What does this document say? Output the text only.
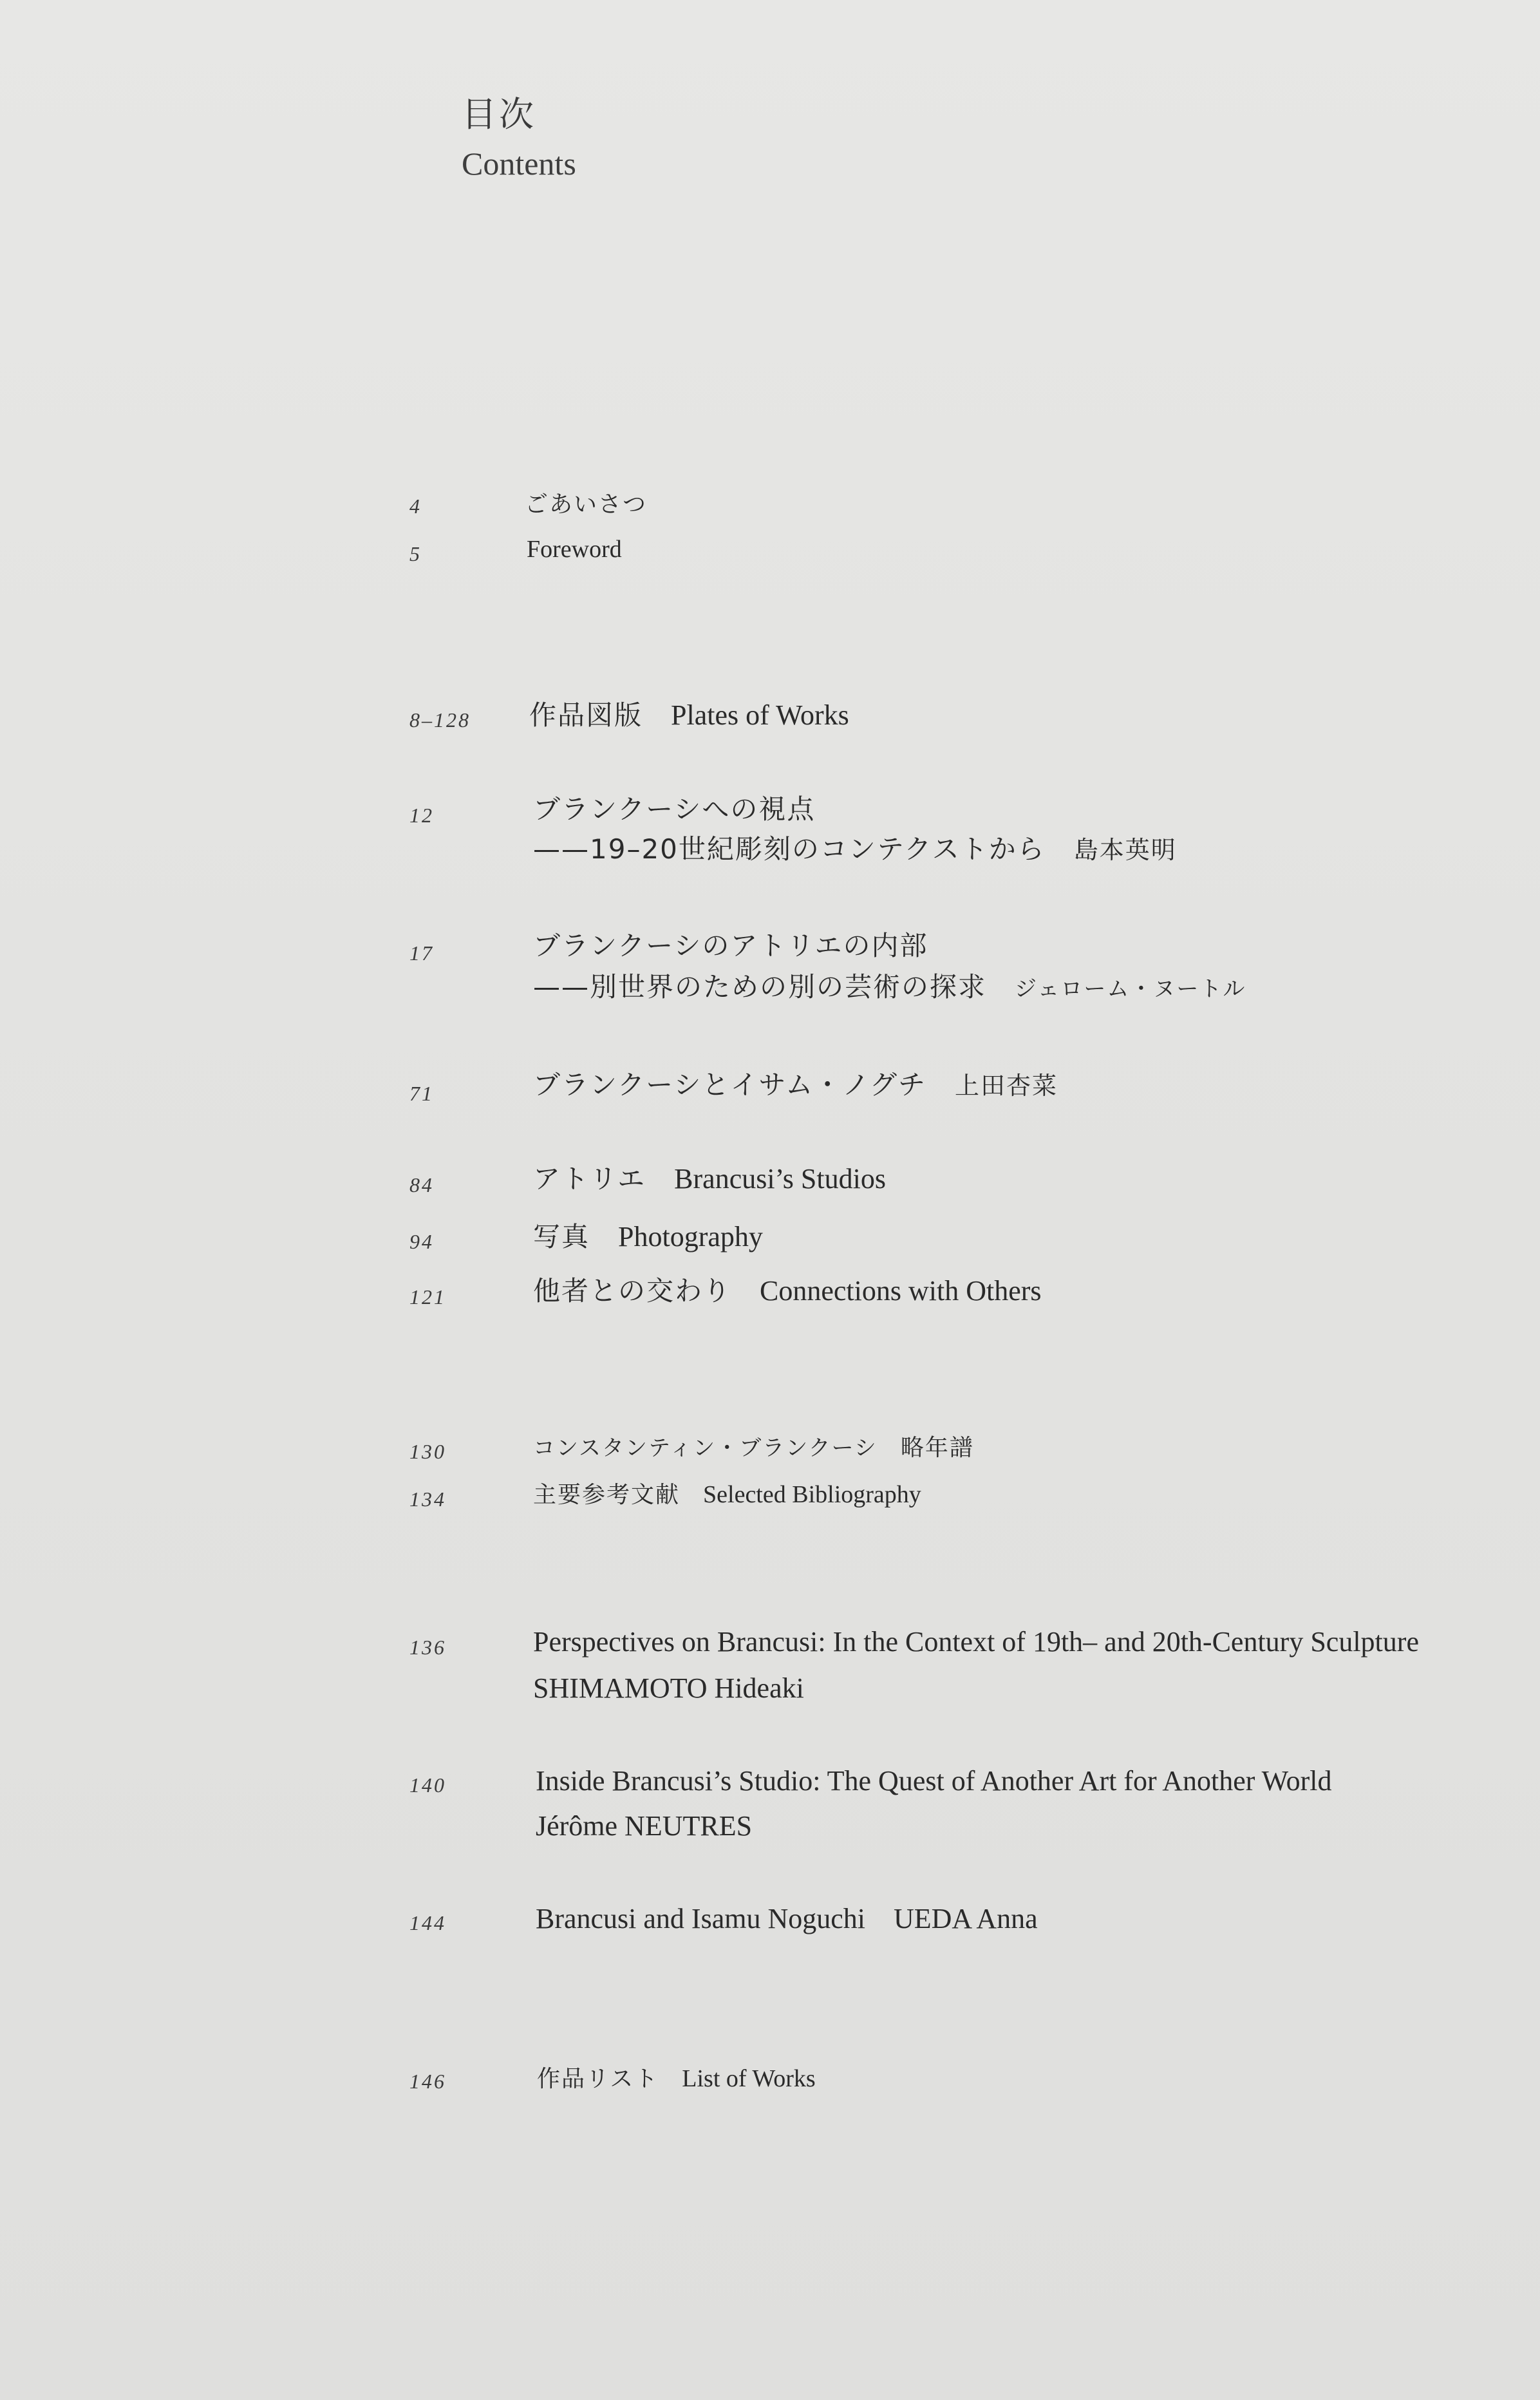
目次
Contents
4	ごあいさつ
5	Foreword
8–128 作品図版 Plates of Works
12	ブランクーシへの視点
——19–20世紀彫刻のコンテクストから 島本英明
17	ブランクーシのアトリエの内部
——別世界のための別の芸術の探求 ジェローム・ヌートル
71	ブランクーシとイサム・ノグチ 上田杏菜
84	アトリエ Brancusi’s Studios
94	写真 Photography
121	他者との交わり Connections with Others
130	コンスタンティン・ブランクーシ 略年譜
134	主要参考文献 Selected Bibliography
136	Perspectives on Brancusi: In the Context of 19th– and 20th-Century Sculpture
SHIMAMOTO Hideaki
140	Inside Brancusi’s Studio: The Quest of Another Art for Another World
Jérôme NEUTRES
144	Brancusi and Isamu Noguchi UEDA Anna
146	作品リスト List of Works
